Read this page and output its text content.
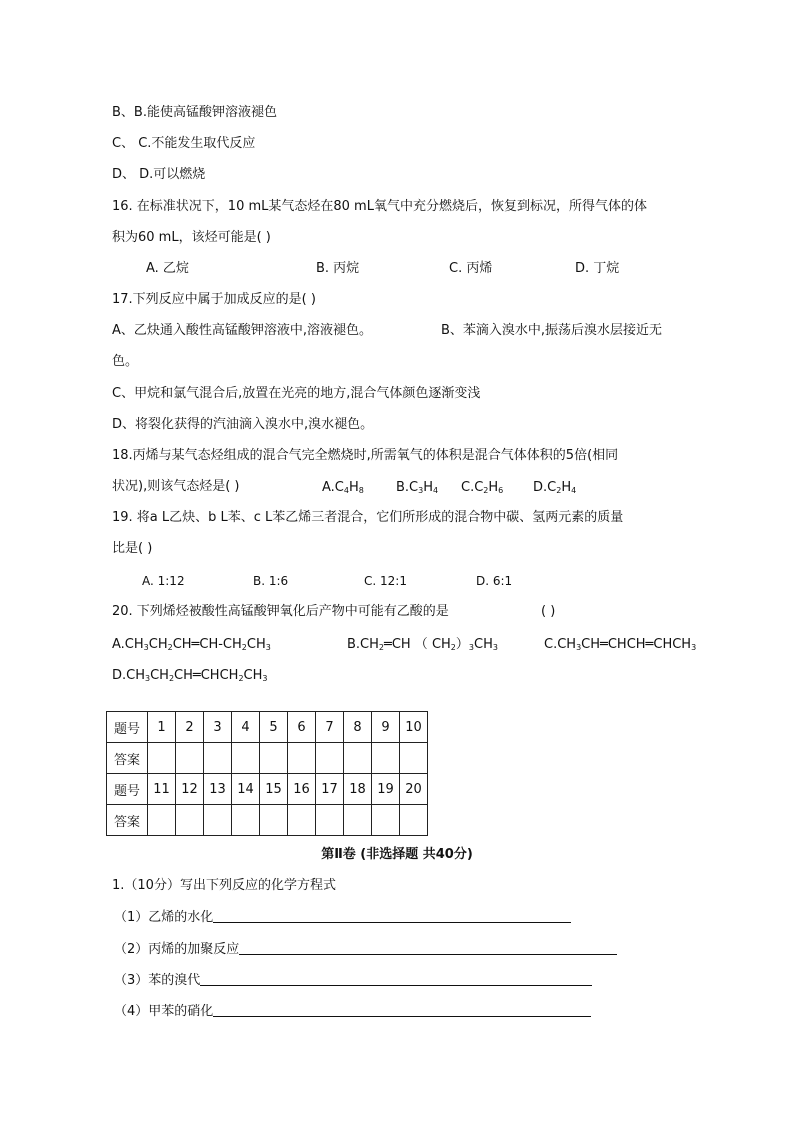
B、B.能使高锰酸钾溶液褪色
C、 C.不能发生取代反应
D、 D.可以燃烧
16. 在标准状况下，10 mL某气态烃在80 mL氧气中充分燃烧后，恢复到标况，所得气体的体
积为60 mL，该烃可能是( )
A. 乙烷	B. 丙烷	C. 丙烯	D. 丁烷
17.下列反应中属于加成反应的是( )
A、乙炔通入酸性高锰酸钾溶液中,溶液褪色。	B、苯滴入溴水中,振荡后溴水层接近无
色。
C、甲烷和氯气混合后,放置在光亮的地方,混合气体颜色逐渐变浅
D、将裂化获得的汽油滴入溴水中,溴水褪色。
18.丙烯与某气态烃组成的混合气完全燃烧时,所需氧气的体积是混合气体体积的5倍(相同
状况),则该气态烃是( )	$A.C_4H_8$ $B.C_3H_4$ $C.C_2H_6$ $D.C_2H_4$
19. 将a L乙炔、b L苯、c L苯乙烯三者混合，它们所形成的混合物中碳、氢两元素的质量
比是( )
A. 1:12	B. 1:6	C. 12:1	D. 6:1
20. 下列烯烃被酸性高锰酸钾氧化后产物中可能有乙酸的是	( )
$A.CH_3CH_2CH═CH-CH_2CH_3$	$B.CH_2═CH$ （ $CH_2)_3CH_3$	$C.CH_3CH═CHCH═CHCH_3$
$D.CH_3CH_2CH═CHCH_2CH_3$
题号	1	2	3	4	5	6	7	8	9	10
答案										
题号	11	12	13	14	15	16	17	18	19	20
答案										
第Ⅱ卷 (非选择题 共40分)
1.（10分）写出下列反应的化学方程式
（1）乙烯的水化
（2）丙烯的加聚反应
（3）苯的溴代
（4）甲苯的硝化
